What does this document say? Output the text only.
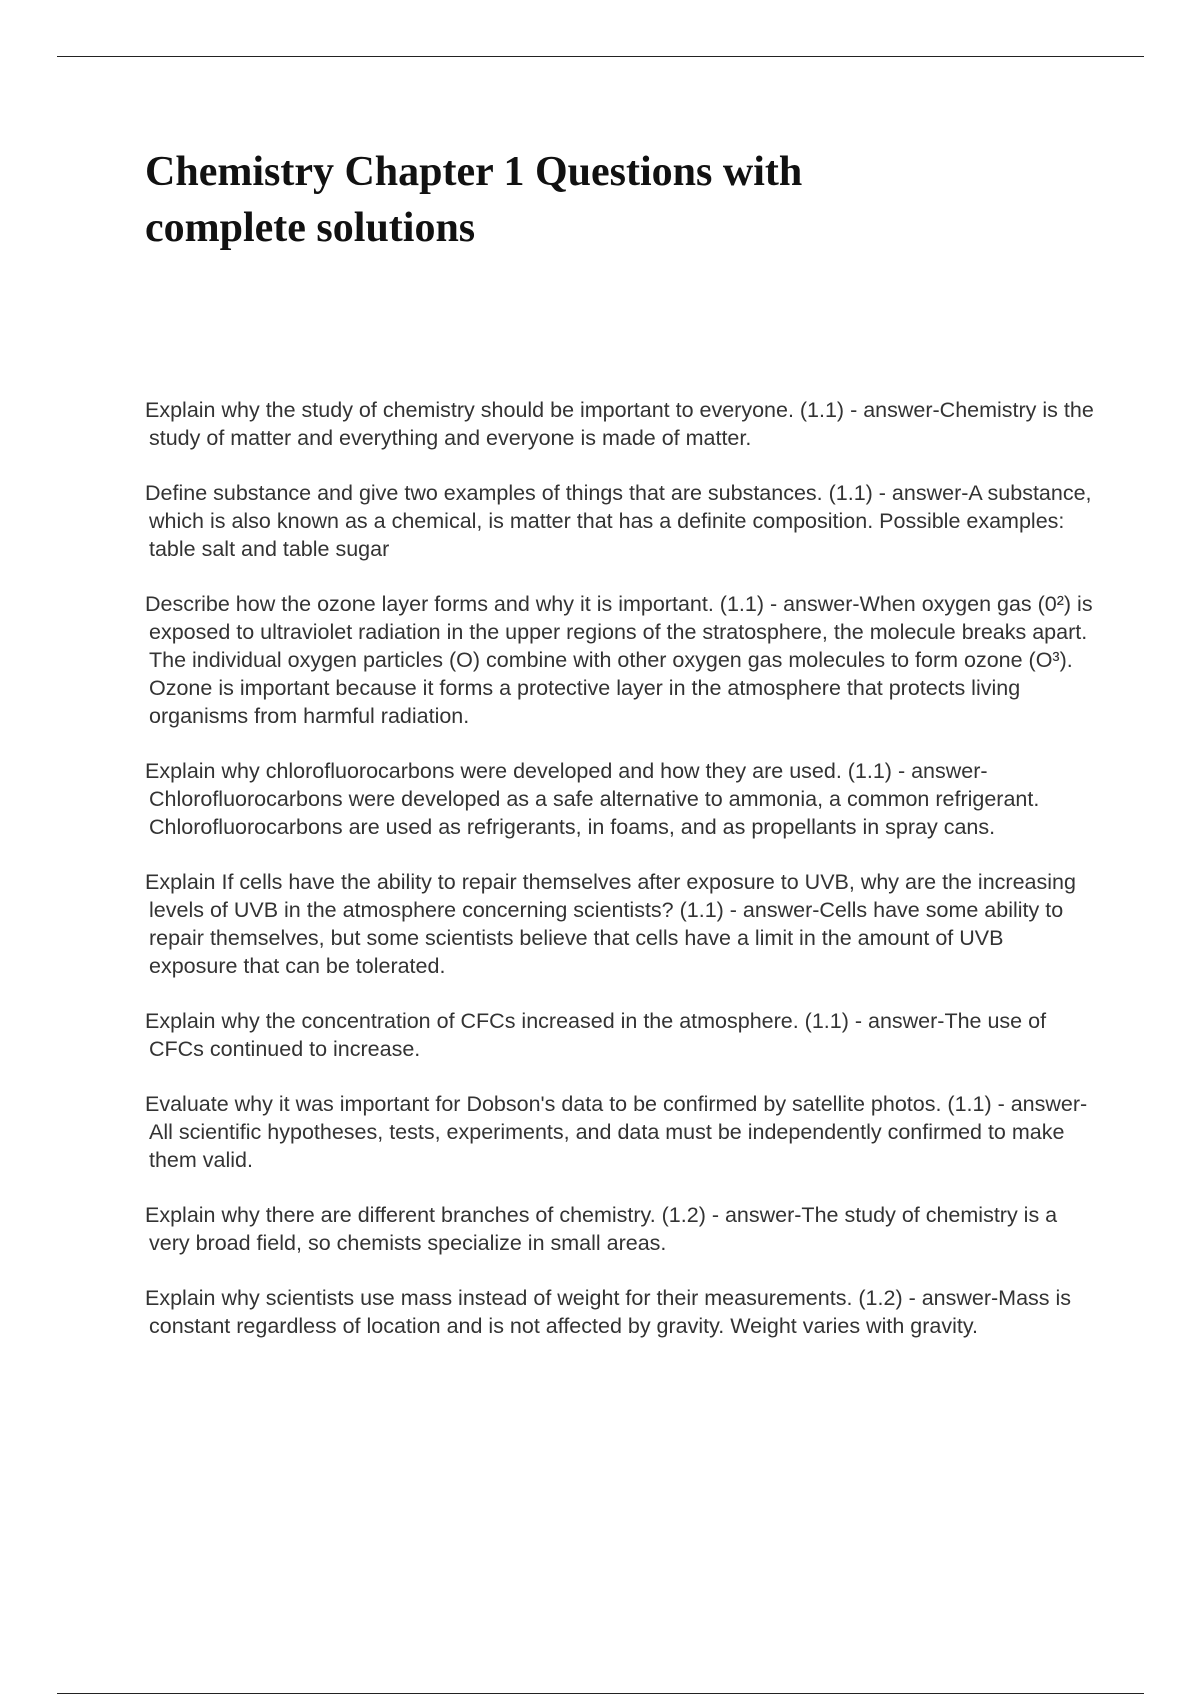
Chemistry Chapter 1 Questions with
complete solutions
Explain why the study of chemistry should be important to everyone. (1.1) - answer-Chemistry is the study of matter and everything and everyone is made of matter.
Define substance and give two examples of things that are substances. (1.1) - answer-A substance, which is also known as a chemical, is matter that has a definite composition. Possible examples: table salt and table sugar
Describe how the ozone layer forms and why it is important. (1.1) - answer-When oxygen gas (0²) is exposed to ultraviolet radiation in the upper regions of the stratosphere, the molecule breaks apart. The individual oxygen particles (O) combine with other oxygen gas molecules to form ozone (O³). Ozone is important because it forms a protective layer in the atmosphere that protects living organisms from harmful radiation.
Explain why chlorofluorocarbons were developed and how they are used. (1.1) - answer-Chlorofluorocarbons were developed as a safe alternative to ammonia, a common refrigerant. Chlorofluorocarbons are used as refrigerants, in foams, and as propellants in spray cans.
Explain If cells have the ability to repair themselves after exposure to UVB, why are the increasing levels of UVB in the atmosphere concerning scientists? (1.1) - answer-Cells have some ability to repair themselves, but some scientists believe that cells have a limit in the amount of UVB exposure that can be tolerated.
Explain why the concentration of CFCs increased in the atmosphere. (1.1) - answer-The use of CFCs continued to increase.
Evaluate why it was important for Dobson's data to be confirmed by satellite photos. (1.1) - answer-All scientific hypotheses, tests, experiments, and data must be independently confirmed to make them valid.
Explain why there are different branches of chemistry. (1.2) - answer-The study of chemistry is a very broad field, so chemists specialize in small areas.
Explain why scientists use mass instead of weight for their measurements. (1.2) - answer-Mass is constant regardless of location and is not affected by gravity. Weight varies with gravity.
